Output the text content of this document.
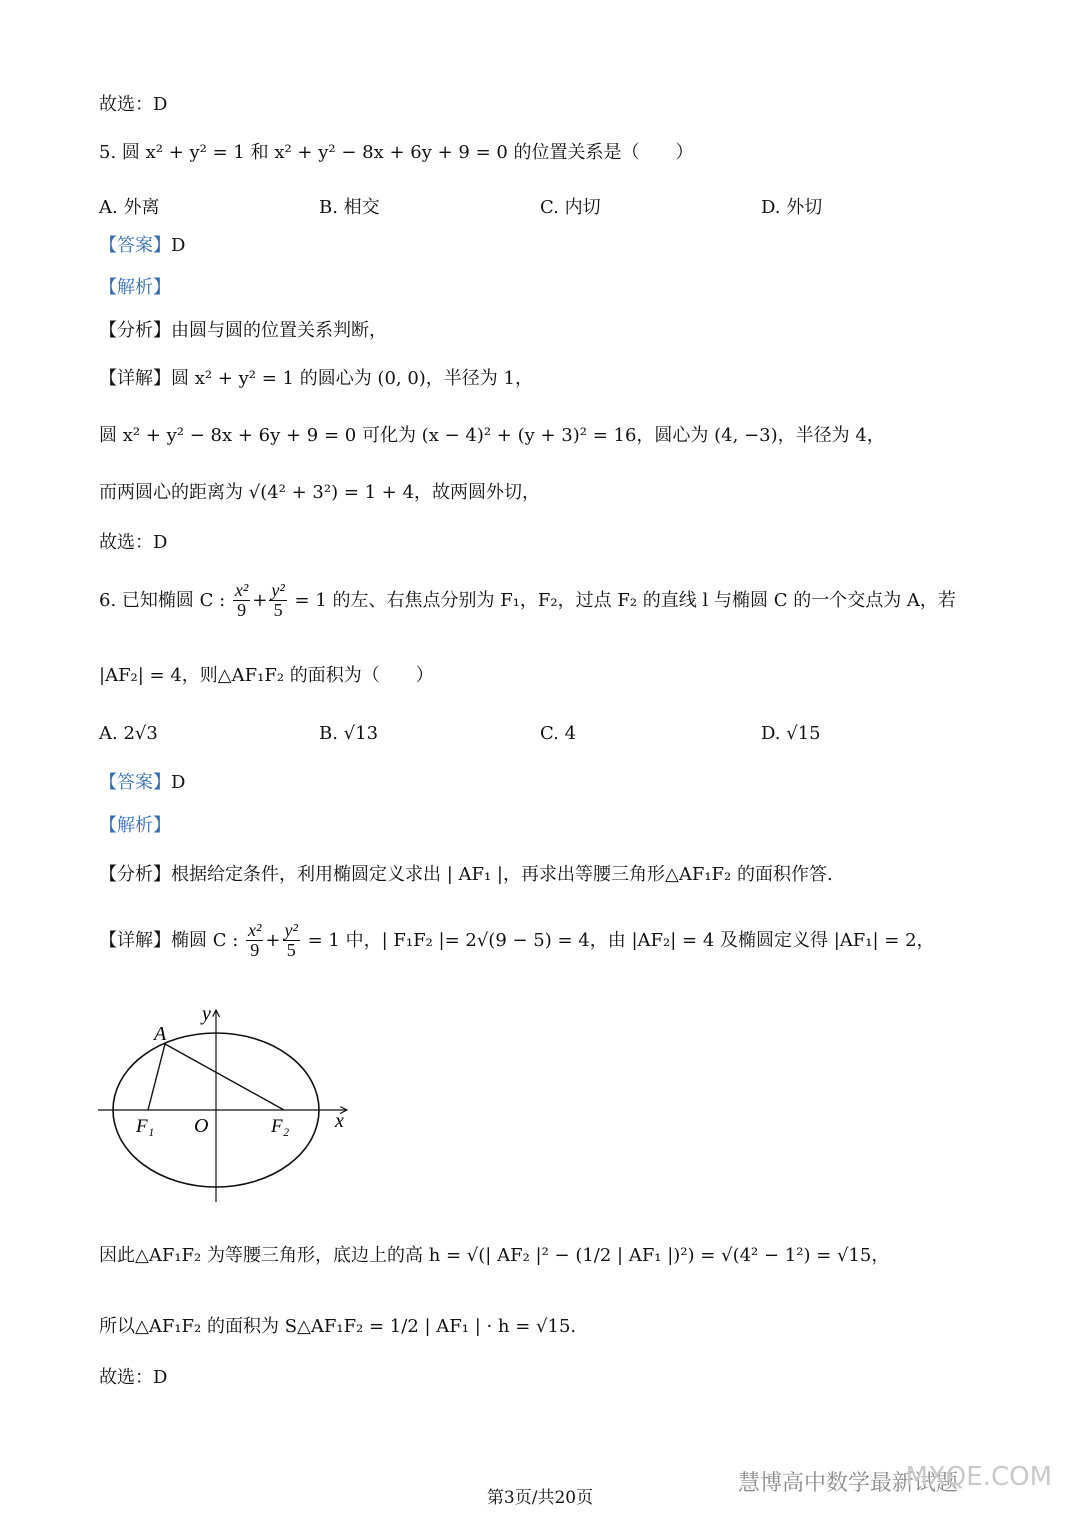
故选：D
5. 圆 x² + y² = 1 和 x² + y² − 8x + 6y + 9 = 0 的位置关系是（　　）
A. 外离	B. 相交	C. 内切	D. 外切
【答案】D
【解析】
【分析】由圆与圆的位置关系判断，
【详解】圆 x² + y² = 1 的圆心为 (0, 0)，半径为 1，
圆 x² + y² − 8x + 6y + 9 = 0 可化为 (x − 4)² + (y + 3)² = 16，圆心为 (4, −3)，半径为 4，
而两圆心的距离为 √(4² + 3²) = 1 + 4，故两圆外切，
故选：D
6. 已知椭圆 C : $\frac{\text{x²}}{9} + \frac{\text{y²}}{5} = 1$ 的左、右焦点分别为 F₁，F₂，过点 F₂ 的直线 l 与椭圆 C 的一个交点为 A，若
|AF₂| = 4，则△AF₁F₂ 的面积为（　　）
A. 2√3	B. √13	C. 4	D. √15
【答案】D
【解析】
【分析】根据给定条件，利用椭圆定义求出 | AF₁ |，再求出等腰三角形△AF₁F₂ 的面积作答.
【详解】椭圆 C : $\frac{\text{x²}}{9} + \frac{\text{y²}}{5} = 1$ 中，| F₁F₂ |= 2√(9 − 5) = 4，由 |AF₂| = 4 及椭圆定义得 |AF₁| = 2，
y
x
A
F₁ O	F₂
因此△AF₁F₂ 为等腰三角形，底边上的高 h = √(| AF₂ |² − (1/2 | AF₁ |)²) = √(4² − 1²) = √15，
所以△AF₁F₂ 的面积为 S△AF₁F₂ = 1/2 | AF₁ | · h = √15.
故选：D
慧博高中数学最新试题
MXQE.COM
第3页/共20页
